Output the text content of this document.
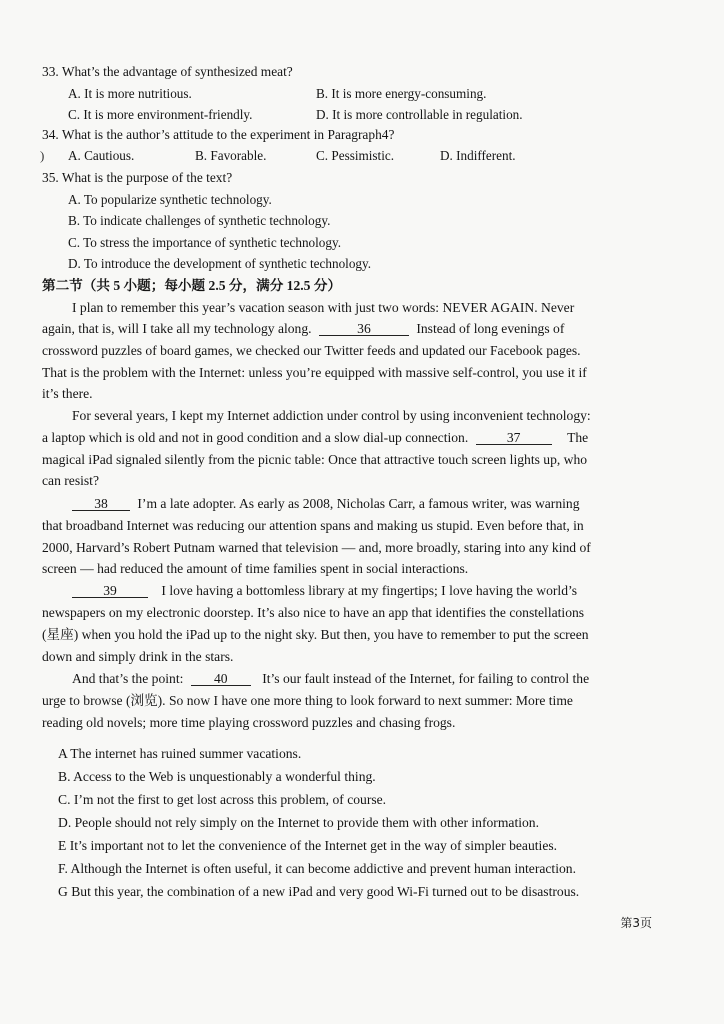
33. What’s the advantage of synthesized meat?
A. It is more nutritious.	B. It is more energy-consuming.
C. It is more environment-friendly.	D. It is more controllable in regulation.
34. What is the author’s attitude to the experiment in Paragraph4?
) A. Cautious.	B. Favorable.	C. Pessimistic.	D. Indifferent.
35. What is the purpose of the text?
A. To popularize synthetic technology.
B. To indicate challenges of synthetic technology.
C. To stress the importance of synthetic technology.
D. To introduce the development of synthetic technology.
第二节（共 5 小题；每小题 2.5 分，满分 12.5 分）
I plan to remember this year’s vacation season with just two words: NEVER AGAIN. Never
again, that is, will I take all my technology along.	36	Instead of long evenings of
crossword puzzles of board games, we checked our Twitter feeds and updated our Facebook pages.
That is the problem with the Internet: unless you’re equipped with massive self-control, you use it if
it’s there.
For several years, I kept my Internet addiction under control by using inconvenient technology:
a laptop which is old and not in good condition and a slow dial-up connection.	37	The
magical iPad signaled silently from the picnic table: Once that attractive touch screen lights up, who
can resist?
38 I’m a late adopter. As early as 2008, Nicholas Carr, a famous writer, was warning
that broadband Internet was reducing our attention spans and making us stupid. Even before that, in
2000, Harvard’s Robert Putnam warned that television — and, more broadly, staring into any kind of
screen — had reduced the amount of time families spent in social interactions.
39	I love having a bottomless library at my fingertips; I love having the world’s
newspapers on my electronic doorstep. It’s also nice to have an app that identifies the constellations
(星座) when you hold the iPad up to the night sky. But then, you have to remember to put the screen
down and simply drink in the stars.
And that’s the point: 40	It’s our fault instead of the Internet, for failing to control the
urge to browse (浏览). So now I have one more thing to look forward to next summer: More time
reading old novels; more time playing crossword puzzles and chasing frogs.
A The internet has ruined summer vacations.
B. Access to the Web is unquestionably a wonderful thing.
C. I’m not the first to get lost across this problem, of course.
D. People should not rely simply on the Internet to provide them with other information.
E It’s important not to let the convenience of the Internet get in the way of simpler beauties.
F. Although the Internet is often useful, it can become addictive and prevent human interaction.
G But this year, the combination of a new iPad and very good Wi-Fi turned out to be disastrous.
第3页
